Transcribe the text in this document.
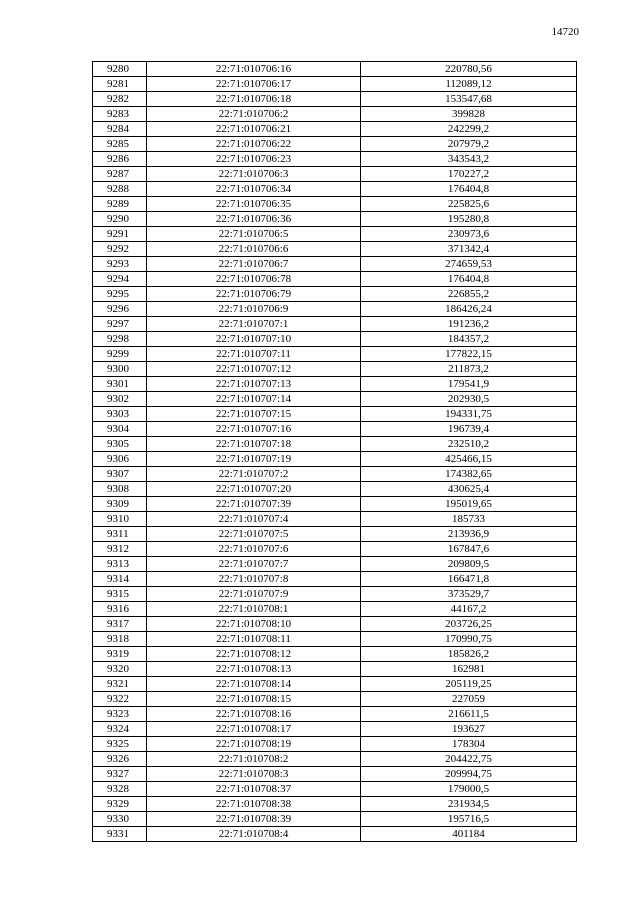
14720
9280	22:71:010706:16	220780,56
9281	22:71:010706:17	112089,12
9282	22:71:010706:18	153547,68
9283	22:71:010706:2	399828
9284	22:71:010706:21	242299,2
9285	22:71:010706:22	207979,2
9286	22:71:010706:23	343543,2
9287	22:71:010706:3	170227,2
9288	22:71:010706:34	176404,8
9289	22:71:010706:35	225825,6
9290	22:71:010706:36	195280,8
9291	22:71:010706:5	230973,6
9292	22:71:010706:6	371342,4
9293	22:71:010706:7	274659,53
9294	22:71:010706:78	176404,8
9295	22:71:010706:79	226855,2
9296	22:71:010706:9	186426,24
9297	22:71:010707:1	191236,2
9298	22:71:010707:10	184357,2
9299	22:71:010707:11	177822,15
9300	22:71:010707:12	211873,2
9301	22:71:010707:13	179541,9
9302	22:71:010707:14	202930,5
9303	22:71:010707:15	194331,75
9304	22:71:010707:16	196739,4
9305	22:71:010707:18	232510,2
9306	22:71:010707:19	425466,15
9307	22:71:010707:2	174382,65
9308	22:71:010707:20	430625,4
9309	22:71:010707:39	195019,65
9310	22:71:010707:4	185733
9311	22:71:010707:5	213936,9
9312	22:71:010707:6	167847,6
9313	22:71:010707:7	209809,5
9314	22:71:010707:8	166471,8
9315	22:71:010707:9	373529,7
9316	22:71:010708:1	44167,2
9317	22:71:010708:10	203726,25
9318	22:71:010708:11	170990,75
9319	22:71:010708:12	185826,2
9320	22:71:010708:13	162981
9321	22:71:010708:14	205119,25
9322	22:71:010708:15	227059
9323	22:71:010708:16	216611,5
9324	22:71:010708:17	193627
9325	22:71:010708:19	178304
9326	22:71:010708:2	204422,75
9327	22:71:010708:3	209994,75
9328	22:71:010708:37	179000,5
9329	22:71:010708:38	231934,5
9330	22:71:010708:39	195716,5
9331	22:71:010708:4	401184
